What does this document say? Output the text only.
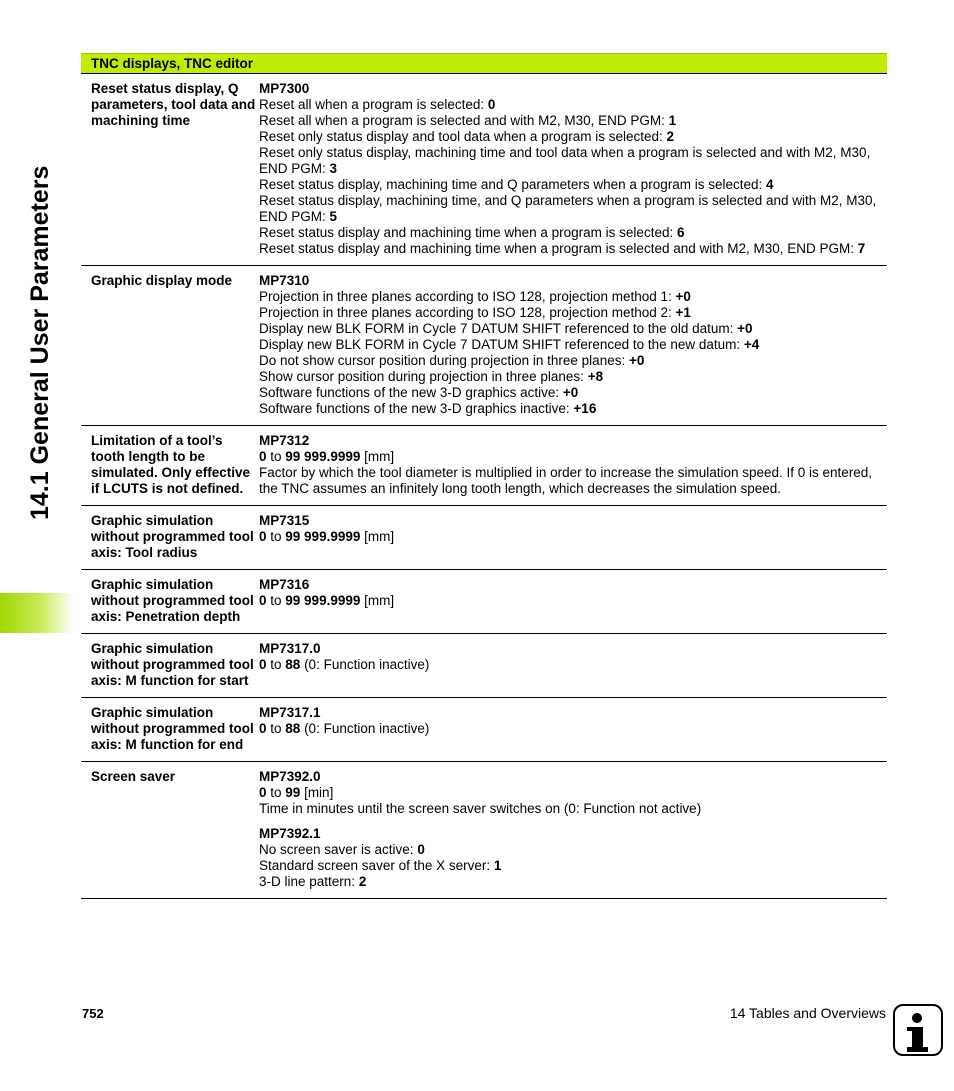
14.1 General User Parameters
TNC displays, TNC editor
Reset status display, Q parameters, tool data and machining time
MP7300
Reset all when a program is selected: 0
Reset all when a program is selected and with M2, M30, END PGM: 1
Reset only status display and tool data when a program is selected: 2
Reset only status display, machining time and tool data when a program is selected and with M2, M30, END PGM: 3
Reset status display, machining time and Q parameters when a program is selected: 4
Reset status display, machining time, and Q parameters when a program is selected and with M2, M30, END PGM: 5
Reset status display and machining time when a program is selected: 6
Reset status display and machining time when a program is selected and with M2, M30, END PGM: 7
Graphic display mode	MP7310
Projection in three planes according to ISO 128, projection method 1: +0
Projection in three planes according to ISO 128, projection method 2: +1
Display new BLK FORM in Cycle 7 DATUM SHIFT referenced to the old datum: +0
Display new BLK FORM in Cycle 7 DATUM SHIFT referenced to the new datum: +4
Do not show cursor position during projection in three planes: +0
Show cursor position during projection in three planes: +8
Software functions of the new 3-D graphics active: +0
Software functions of the new 3-D graphics inactive: +16
Limitation of a tool’s tooth length to be simulated. Only effective if LCUTS is not defined.
MP7312
0 to 99 999.9999 [mm]
Factor by which the tool diameter is multiplied in order to increase the simulation speed. If 0 is entered, the TNC assumes an infinitely long tooth length, which decreases the simulation speed.
Graphic simulation without programmed tool axis: Tool radius
MP7315
0 to 99 999.9999 [mm]
Graphic simulation without programmed tool axis: Penetration depth
MP7316
0 to 99 999.9999 [mm]
Graphic simulation without programmed tool axis: M function for start
MP7317.0
0 to 88 (0: Function inactive)
Graphic simulation without programmed tool axis: M function for end
MP7317.1
0 to 88 (0: Function inactive)
Screen saver	MP7392.0
0 to 99 [min]
Time in minutes until the screen saver switches on (0: Function not active)
MP7392.1
No screen saver is active: 0
Standard screen saver of the X server: 1
3-D line pattern: 2
752	14 Tables and Overviews
